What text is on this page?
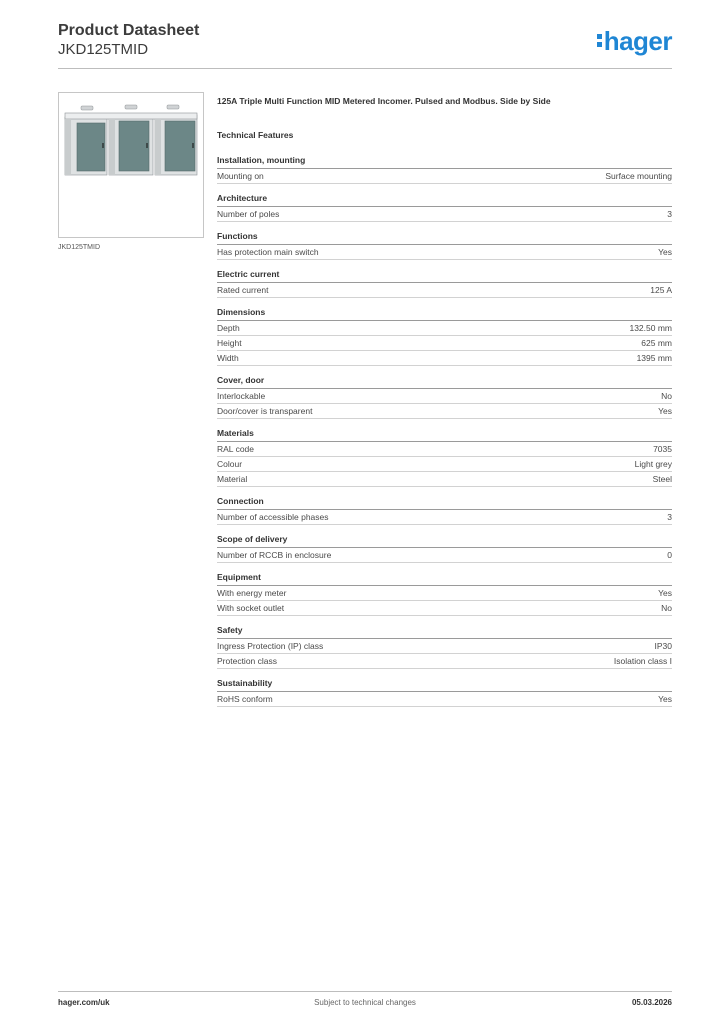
Product Datasheet
JKD125TMID	hager
JKD125TMID
125A Triple Multi Function MID Metered Incomer. Pulsed and Modbus. Side by Side
Technical Features
Installation, mounting
Mounting on	Surface mounting
Architecture
Number of poles	3
Functions
Has protection main switch	Yes
Electric current
Rated current	125 A
Dimensions
Depth	132.50 mm
Height	625 mm
Width	1395 mm
Cover, door
Interlockable	No
Door/cover is transparent	Yes
Materials
RAL code	7035
Colour	Light grey
Material	Steel
Connection
Number of accessible phases	3
Scope of delivery
Number of RCCB in enclosure	0
Equipment
With energy meter	Yes
With socket outlet	No
Safety
Ingress Protection (IP) class	IP30
Protection class	Isolation class I
Sustainability
RoHS conform	Yes
hager.com/uk	Subject to technical changes	05.03.2026
